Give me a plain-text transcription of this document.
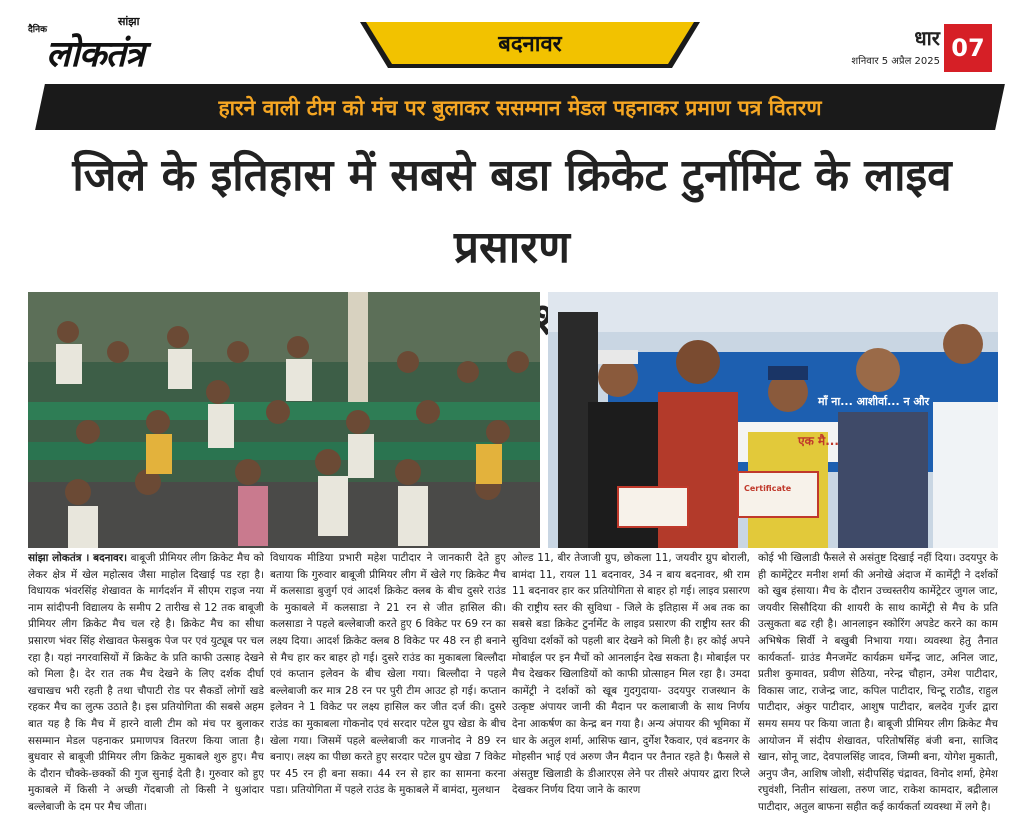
दैनिक
सांझा
लोकतंत्र	बदनावर	धार
शनिवार 5 अप्रैल 2025 07
हारने वाली टीम को मंच पर बुलाकर ससम्मान मेडल पहनाकर प्रमाण पत्र वितरण
जिले के इतिहास में सबसे बडा क्रिकेट टुर्नामिंट के लाइव प्रसारण
माँ ना... आशीर्वा... न और
एक मै...
Certificate
सांझा लोकतंत्र । बदनावर। बाबूजी प्रीमियर लीग क्रिकेट मैच को लेकर क्षेत्र में खेल महोत्सव जैसा माहोल दिखाई पड रहा है। विधायक भंवरसिंह शेखावत के मार्गदर्शन में सीएम राइज नया नाम सांदीपनी विद्यालय के समीप 2 तारीख से 12 तक बाबूजी प्रीमियर लीग क्रिकेट मैच चल रहे है। क्रिकेट मैच का सीधा प्रसारण भंवर सिंह शेखावत फेसबुक पेज पर एवं युट्यूब पर चल रहा है। यहां नगरवासियों में क्रिकेट के प्रति काफी उत्साह देखने को मिला है। देर रात तक मैच देखने के लिए दर्शक दीर्घा खचाखच भरी रहती है तथा चौपाटी रोड पर सैकडों लोगों खडे रहकर मैच का लुत्फ उठाते है। इस प्रतियोगिता की सबसे अहम बात यह है कि मैच में हारने वाली टीम को मंच पर बुलाकर ससम्मान मेडल पहनाकर प्रमाणपत्र वितरण किया जाता है। बुधवार से बाबूजी प्रीमियर लीग क्रिकेट मुकाबले शुरु हुए। मैच के दौरान चौक्के-छक्कों की गुज सुनाई देती है। गुरुवार को हुए मुकाबले में किसी ने अच्छी गेंदबाजी तो किसी ने धुआंदार बल्लेबाजी के दम पर मैच जीता।
विधायक मीडिया प्रभारी महेश पाटीदार ने जानकारी देते हुए बताया कि गुरुवार बाबूजी प्रीमियर लीग में खेले गए क्रिकेट मैच में कलसाडा बुजुर्ग एवं आदर्श क्रिकेट क्लब के बीच दुसरे राउंड के मुकाबले में कलसाडा ने 21 रन से जीत हासिल की। कलसाडा ने पहले बल्लेबाजी करते हुए 6 विकेट पर 69 रन का लक्ष्य दिया। आदर्श क्रिकेट क्लब 8 विकेट पर 48 रन ही बनाने से मैच हार कर बाहर हो गई। दुसरे राउंड का मुकाबला बिल्लौदा एवं कप्तान इलेवन के बीच खेला गया। बिल्लौदा ने पहले बल्लेबाजी कर मात्र 28 रन पर पुरी टीम आउट हो गई। कप्तान इलेवन ने 1 विकेट पर लक्ष्य हासिल कर जीत दर्ज की। दुसरे राउंड का मुकाबला गोकनोद एवं सरदार पटेल ग्रुप खेडा के बीच खेला गया। जिसमें पहले बल्लेबाजी कर गाजनोद ने 89 रन बनाए। लक्ष्य का पीछा करते हुए सरदार पटेल ग्रुप खेडा 7 विकेट पर 45 रन ही बना सका। 44 रन से हार का सामना करना पडा। प्रतियोगिता में पहले राउंड के मुकाबले में बामंदा, मुलथान
ओल्ड 11, बीर तेजाजी ग्रुप, छोकला 11, जयवीर ग्रुप बोराली, बामंदा 11, रायल 11 बदनावर, 34 न बाय बदनावर, श्री राम 11 बदनावर हार कर प्रतियोगिता से बाहर हो गई। लाइव प्रसारण की राष्ट्रीय स्तर की सुविधा - जिले के इतिहास में अब तक का सबसे बडा क्रिकेट टुर्नामेंट के लाइव प्रसारण की राष्ट्रीय स्तर की सुविधा दर्शकों को पहली बार देखने को मिली है। हर कोई अपने मोबाईल पर इन मैचों को आनलाईन देख सकता है। मोबाईल पर मैच देखकर खिलाडियों को काफी प्रोत्साहन मिल रहा है। उमदा कामेंट्री ने दर्शकों को खूब गुदगुदाया- उदयपुर राजस्थान के उत्कृष्ट अंपायर जानी की मैदान पर कलाबाजी के साथ निर्णय देना आकर्षण का केन्द्र बन गया है। अन्य अंपायर की भूमिका में धार के अतुल शर्मा, आसिफ खान, दुर्गेश रैकवार, एवं बडनगर के मोहसीन भाई एवं अरुण जैन मैदान पर तैनात रहते है। फैसले से अंसतुष्ट खिलाडी के डीआरएस लेने पर तीसरे अंपायर द्वारा रिप्ले देखकर निर्णय दिया जाने के कारण
कोई भी खिलाडी फैसले से असंतुष्ट दिखाई नहीं दिया। उदयपुर के ही कामेंट्रेटर मनीश शर्मा की अनोखे अंदाज में कामेंट्री ने दर्शकों को खुब हंसाया। मैच के दौरान उच्चस्तरीय कामेंट्रेटर जुगल जाट, जयवीर सिसौदिया की शायरी के साथ कामेंट्री से मैच के प्रति उत्सुकता बढ रही है। आनलाइन स्कोरिंग अपडेट करने का काम अभिषेक सिर्वी ने बखुबी निभाया गया। व्यवस्था हेतु तैनात कार्यकर्ता- ग्राउंड मैनजमेंट कार्यक्रम धर्मेन्द्र जाट, अनिल जाट, प्रतीश कुमावत, प्रवीण सेठिया, नरेन्द्र चौहान, उमेश पाटीदार, विकास जाट, राजेन्द्र जाट, कपिल पाटीदार, चिन्टू राठौड, राहुल पाटीदार, अंकुर पाटीदार, आशुष पाटीदार, बलदेव गुर्जर द्वारा समय समय पर किया जाता है। बाबूजी प्रीमियर लीग क्रिकेट मैच आयोजन में संदीप शेखावत, परितोषसिंह बंजी बना, साजिद खान, सोनू जाट, देवपालसिंह जादव, जिम्मी बना, योगेश मुकाती, अनुप जैन, आशिष जोशी, संदीपसिंह चंद्रावत, विनोद शर्मा, हेमेश रघुवंशी, नितीन सांखला, तरुण जाट, राकेश कामदार, बद्रीलाल पाटीदार, अतुल बाफना सहीत कई कार्यकर्ता व्यवस्था में लगे है।
